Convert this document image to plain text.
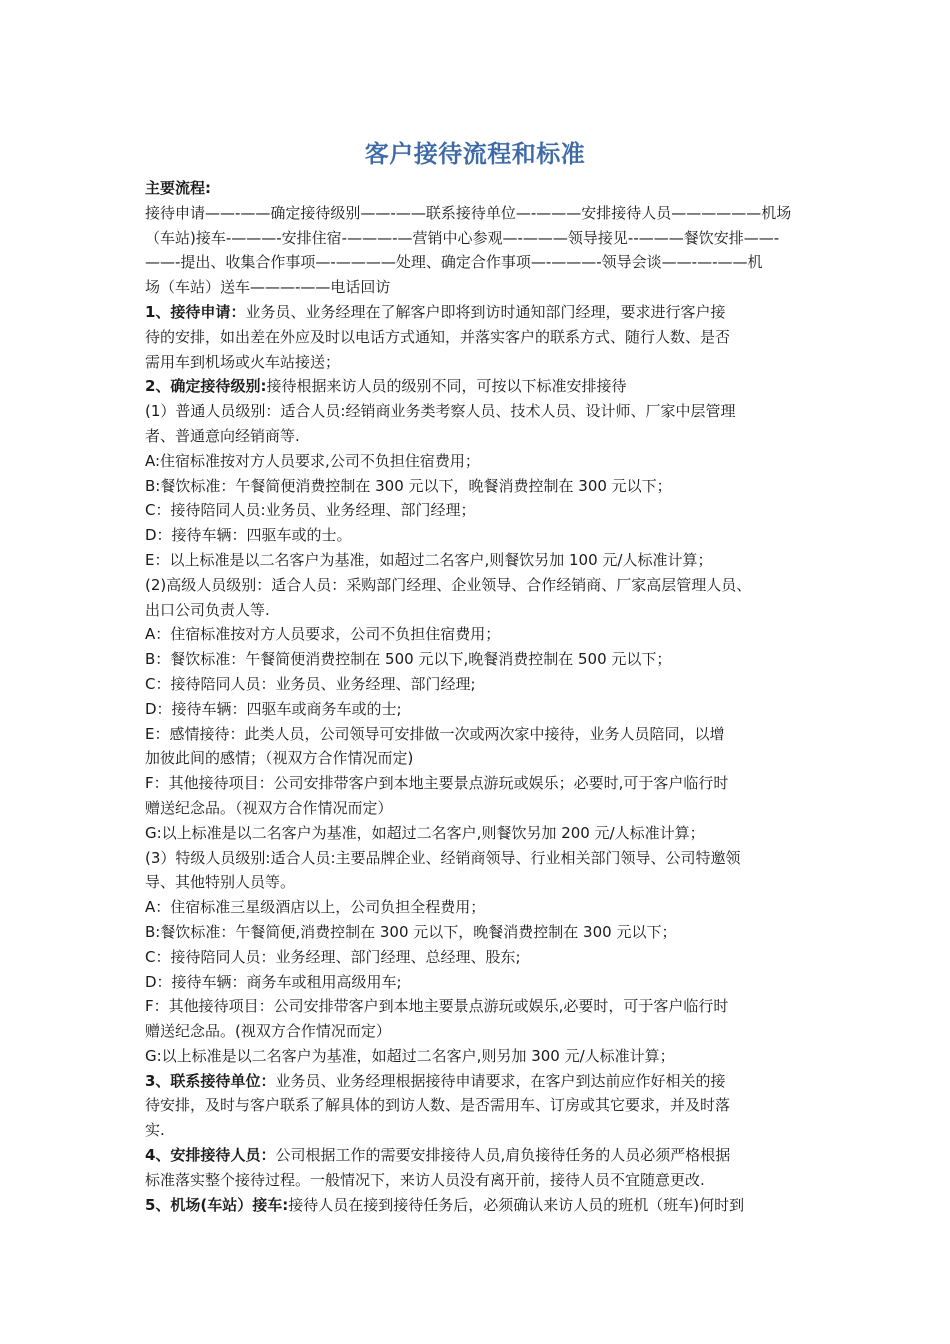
客户接待流程和标准
主要流程:
接待申请——-——确定接待级别——-——联系接待单位—-———安排接待人员——————机场
（车站)接车-———-安排住宿-———-—营销中心参观—-———领导接见--———餐饮安排——-
——-提出、收集合作事项—-————处理、确定合作事项—-———-领导会谈——-—-——机
场（车站）送车———-——电话回访
1、接待申请：业务员、业务经理在了解客户即将到访时通知部门经理，要求进行客户接
待的安排，如出差在外应及时以电话方式通知，并落实客户的联系方式、随行人数、是否
需用车到机场或火车站接送；
2、确定接待级别:接待根据来访人员的级别不同，可按以下标准安排接待
(1）普通人员级别：适合人员:经销商业务类考察人员、技术人员、设计师、厂家中层管理
者、普通意向经销商等.
A:住宿标准按对方人员要求,公司不负担住宿费用；
B:餐饮标准：午餐简便消费控制在 300 元以下，晚餐消费控制在 300 元以下；
C：接待陪同人员:业务员、业务经理、部门经理；
D：接待车辆：四驱车或的士。
E：以上标准是以二名客户为基准，如超过二名客户,则餐饮另加 100 元/人标准计算；
(2)高级人员级别：适合人员：采购部门经理、企业领导、合作经销商、厂家高层管理人员、
出口公司负责人等.
A：住宿标准按对方人员要求，公司不负担住宿费用；
B：餐饮标准：午餐简便消费控制在 500 元以下,晚餐消费控制在 500 元以下；
C：接待陪同人员：业务员、业务经理、部门经理;
D：接待车辆：四驱车或商务车或的士;
E：感情接待：此类人员，公司领导可安排做一次或两次家中接待，业务人员陪同，以增
加彼此间的感情；（视双方合作情况而定)
F：其他接待项目：公司安排带客户到本地主要景点游玩或娱乐；必要时,可于客户临行时
赠送纪念品。（视双方合作情况而定）
G:以上标准是以二名客户为基准，如超过二名客户,则餐饮另加 200 元/人标准计算；
(3）特级人员级别:适合人员:主要品牌企业、经销商领导、行业相关部门领导、公司特邀领
导、其他特别人员等。
A：住宿标准三星级酒店以上，公司负担全程费用；
B:餐饮标准：午餐简便,消费控制在 300 元以下，晚餐消费控制在 300 元以下；
C：接待陪同人员：业务经理、部门经理、总经理、股东;
D：接待车辆：商务车或租用高级用车;
F：其他接待项目：公司安排带客户到本地主要景点游玩或娱乐,必要时，可于客户临行时
赠送纪念品。(视双方合作情况而定）
G:以上标准是以二名客户为基准，如超过二名客户,则另加 300 元/人标准计算；
3、联系接待单位：业务员、业务经理根据接待申请要求，在客户到达前应作好相关的接
待安排，及时与客户联系了解具体的到访人数、是否需用车、订房或其它要求，并及时落
实.
4、安排接待人员：公司根据工作的需要安排接待人员,肩负接待任务的人员必须严格根据
标准落实整个接待过程。一般情况下，来访人员没有离开前，接待人员不宜随意更改.
5、机场(车站）接车:接待人员在接到接待任务后，必须确认来访人员的班机（班车)何时到
